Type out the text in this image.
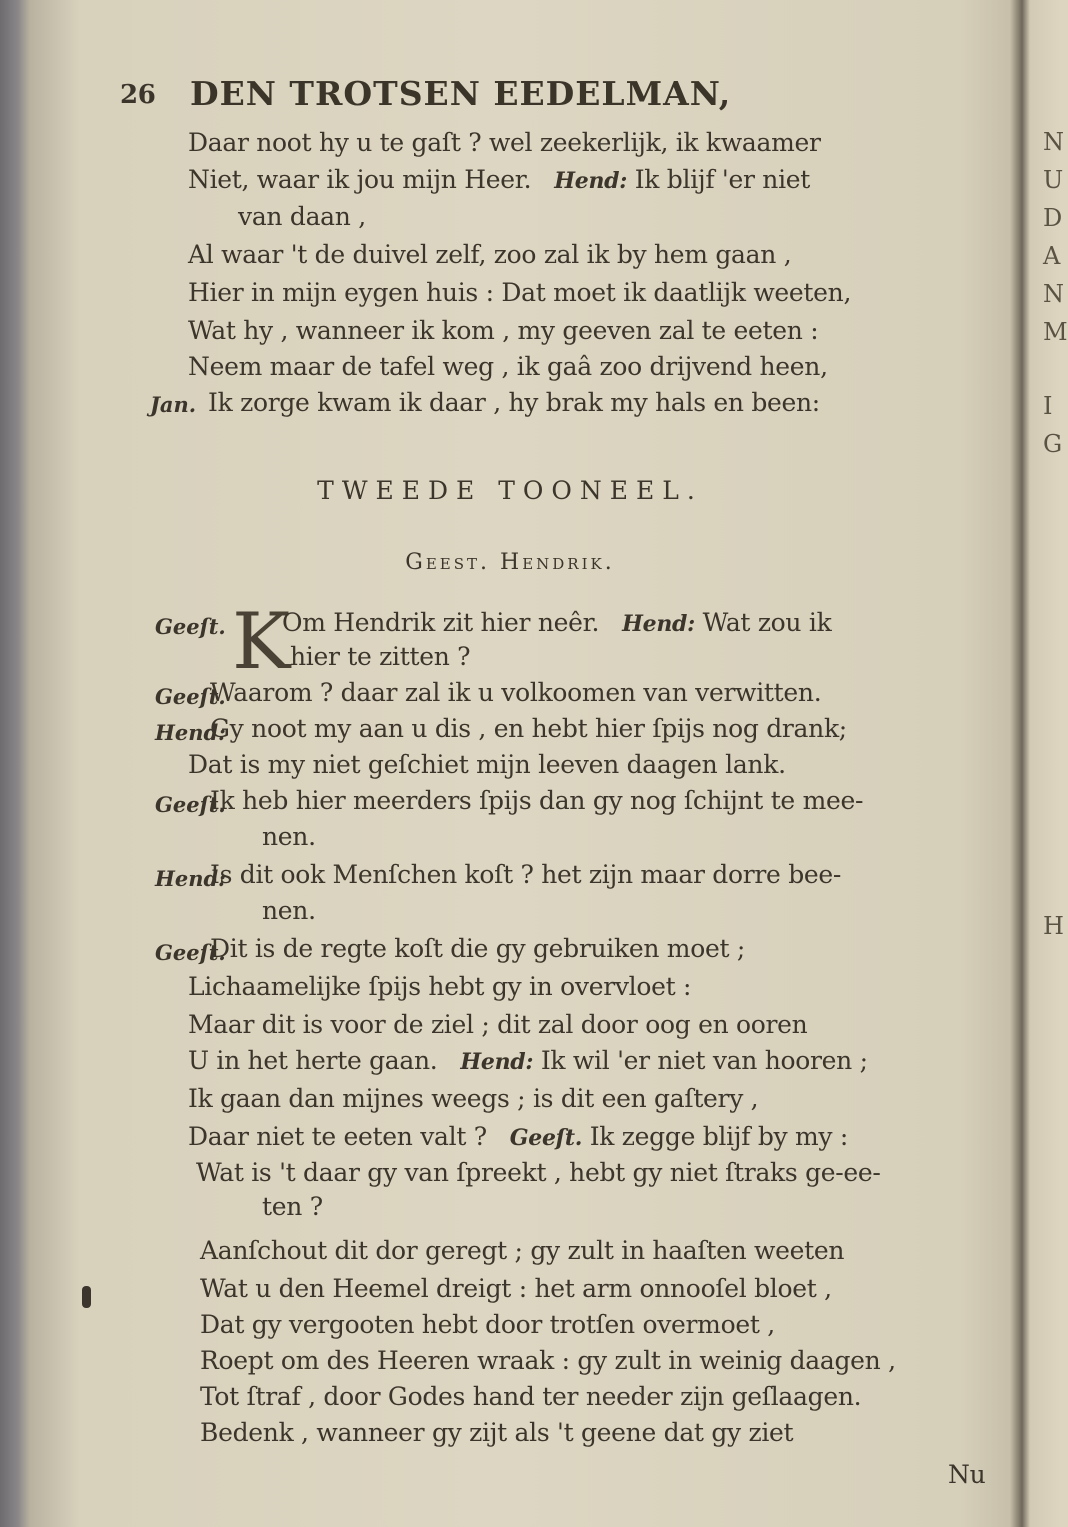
26 DEN TROTSEN EEDELMAN,
Daar noot hy u te gaſt ? wel zeekerlijk, ik kwaamer
Niet, waar ik jou mijn Heer. Hend: Ik blijf 'er niet
van daan ,
Al waar 't de duivel zelf, zoo zal ik by hem gaan ,
Hier in mijn eygen huis : Dat moet ik daatlijk weeten,
Wat hy , wanneer ik kom , my geeven zal te eeten :
Neem maar de tafel weg , ik gaâ zoo drijvend heen,
Jan. Ik zorge kwam ik daar , hy brak my hals en been:
TWEEDE TOONEEL.
Geest. Hendrik.
Geeſt. K
Om Hendrik zit hier neêr. Hend: Wat zou ik
hier te zitten ?
Geeſt.
Waarom ? daar zal ik u volkoomen van verwitten.
Hend:
Gy noot my aan u dis , en hebt hier ſpijs nog drank;
Dat is my niet geſchiet mijn leeven daagen lank.
Geeſt.
Ik heb hier meerders ſpijs dan gy nog ſchijnt te mee-
nen.
Hend:
Is dit ook Menſchen koſt ? het zijn maar dorre bee-
nen.
Geeſt.
Dit is de regte koſt die gy gebruiken moet ;
Lichaamelijke ſpijs hebt gy in overvloet :
Maar dit is voor de ziel ; dit zal door oog en ooren
U in het herte gaan. Hend: Ik wil 'er niet van hooren ;
Ik gaan dan mijnes weegs ; is dit een gaſtery ,
Daar niet te eeten valt ? Geeſt. Ik zegge blijf by my :
Wat is 't daar gy van ſpreekt , hebt gy niet ſtraks ge-ee-
ten ?
Aanſchout dit dor geregt ; gy zult in haaſten weeten
Wat u den Heemel dreigt : het arm onnooſel bloet ,
Dat gy vergooten hebt door trotſen overmoet ,
Roept om des Heeren wraak : gy zult in weinig daagen ,
Tot ſtraf , door Godes hand ter needer zijn geſlaagen.
Bedenk , wanneer gy zijt als 't geene dat gy ziet
Nu
N
U
D
A
N
M
I
G
H
